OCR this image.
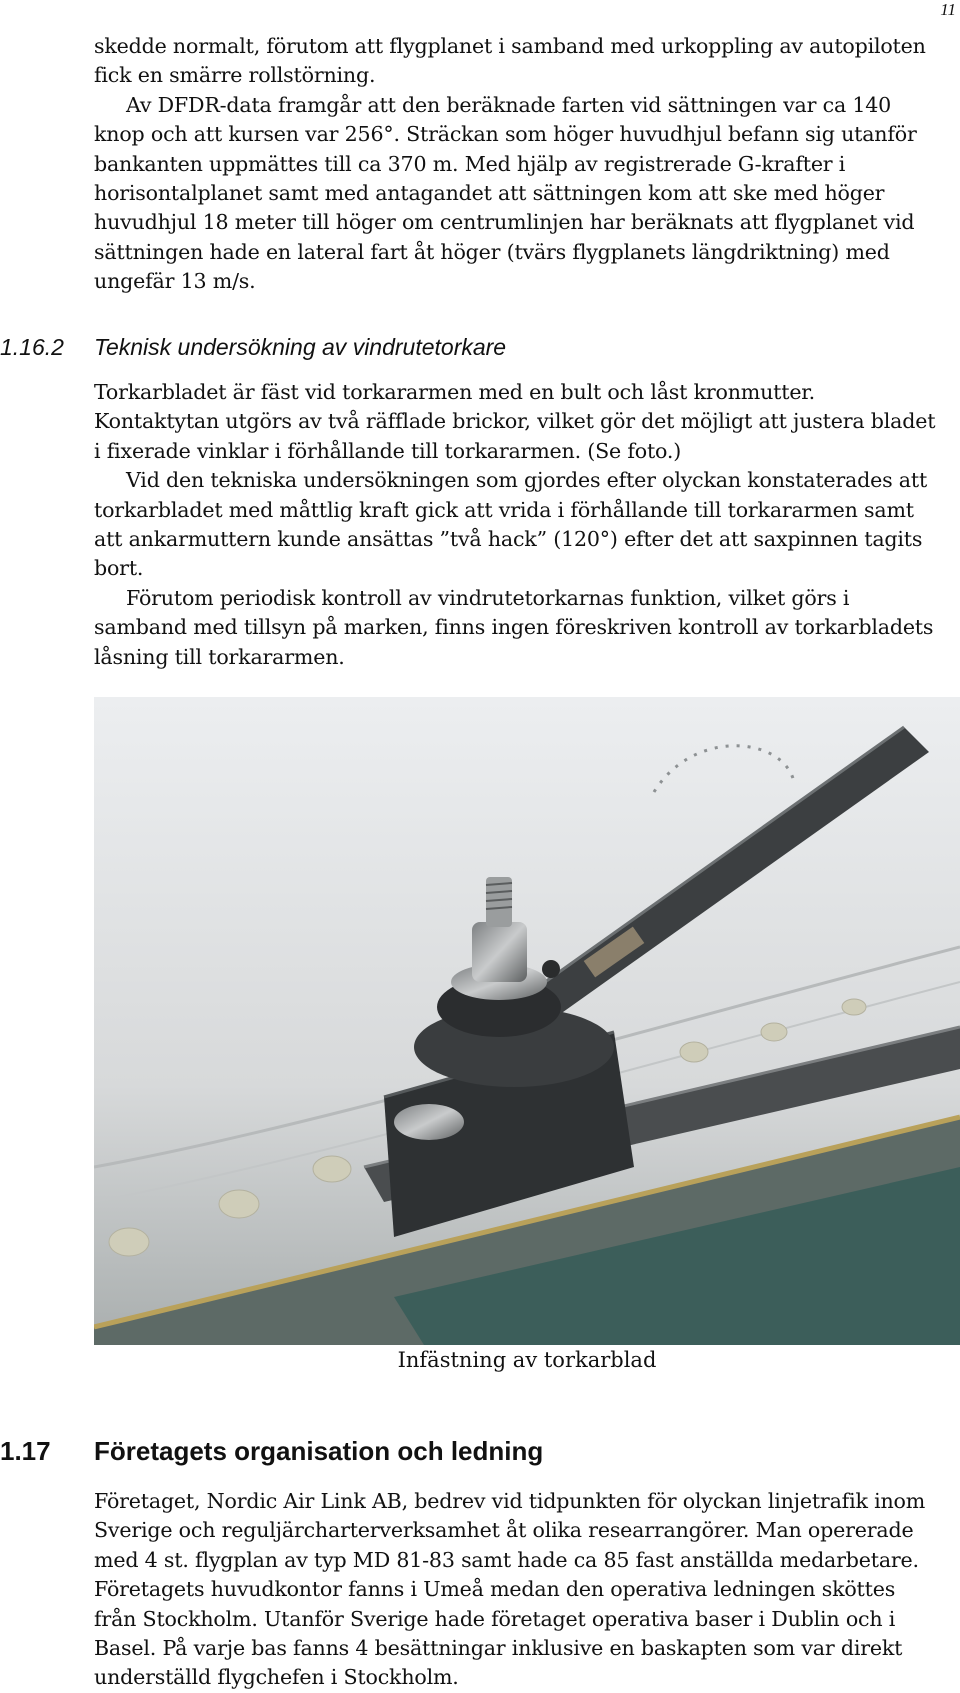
11

skedde normalt, förutom att flygplanet i samband med urkoppling av autopiloten fick en smärre rollstörning.

Av DFDR-data framgår att den beräknade farten vid sättningen var ca 140 knop och att kursen var 256°. Sträckan som höger huvudhjul befann sig utanför bankanten uppmättes till ca 370 m. Med hjälp av registrerade G-krafter i horisontalplanet samt med antagandet att sättningen kom att ske med höger huvudhjul 18 meter till höger om centrumlinjen har beräknats att flygplanet vid sättningen hade en lateral fart åt höger (tvärs flygplanets längdriktning) med ungefär 13 m/s.

1.16.2 Teknisk undersökning av vindrutetorkare

Torkarbladet är fäst vid torkararmen med en bult och låst kronmutter. Kontaktytan utgörs av två räfflade brickor, vilket gör det möjligt att justera bladet i fixerade vinklar i förhållande till torkararmen. (Se foto.)

Vid den tekniska undersökningen som gjordes efter olyckan konstaterades att torkarbladet med måttlig kraft gick att vrida i förhållande till torkararmen samt att ankarmuttern kunde ansättas ”två hack” (120°) efter det att saxpinnen tagits bort.

Förutom periodisk kontroll av vindrutetorkarnas funktion, vilket görs i samband med tillsyn på marken, finns ingen föreskriven kontroll av torkarbladets låsning till torkararmen.

Infästning av torkarblad
1.17 Företagets organisation och ledning

Företaget, Nordic Air Link AB, bedrev vid tidpunkten för olyckan linjetrafik inom Sverige och reguljärcharterverksamhet åt olika researrangörer. Man opererade med 4 st. flygplan av typ MD 81-83 samt hade ca 85 fast anställda medarbetare. Företagets huvudkontor fanns i Umeå medan den operativa ledningen sköttes från Stockholm. Utanför Sverige hade företaget operativa baser i Dublin och i Basel. På varje bas fanns 4 besättningar inklusive en baskapten som var direkt underställd flygchefen i Stockholm.
